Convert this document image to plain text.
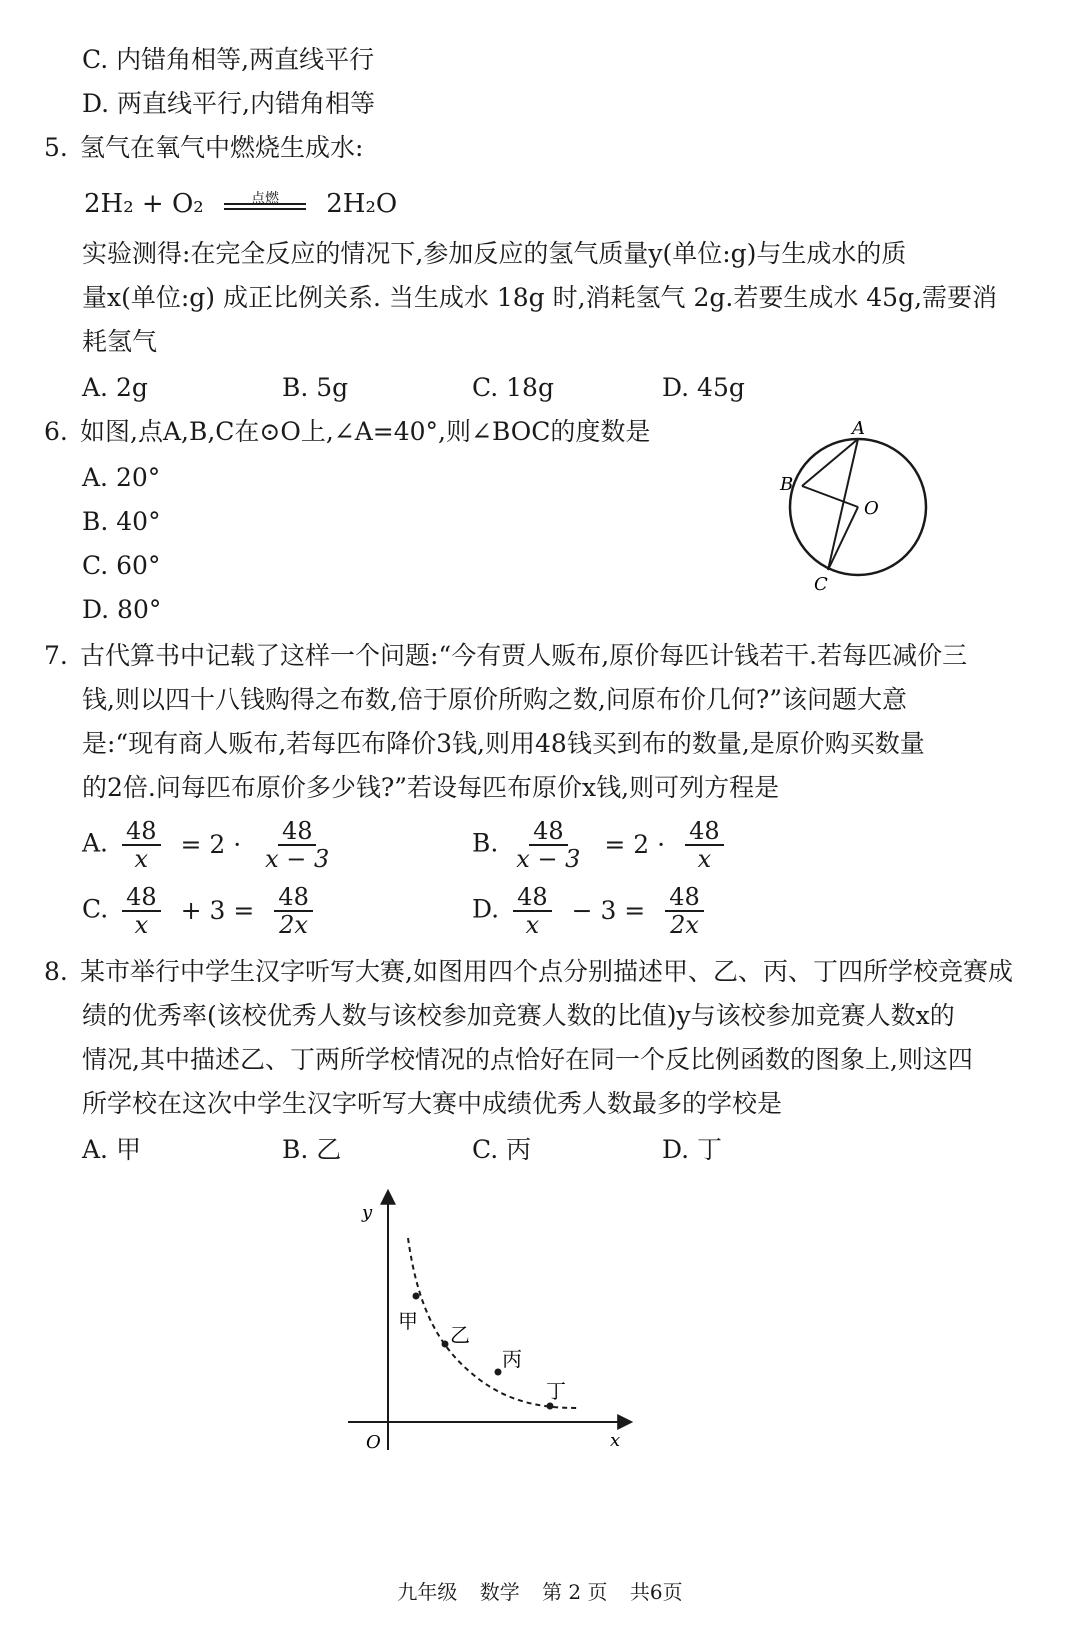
C. 内错角相等,两直线平行
D. 两直线平行,内错角相等
5. 氢气在氧气中燃烧生成水:
2H₂ + O₂	点燃	2H₂O
实验测得:在完全反应的情况下,参加反应的氢气质量y(单位:g)与生成水的质
量x(单位:g) 成正比例关系. 当生成水 18g 时,消耗氢气 2g.若要生成水 45g,需要消
耗氢气
A. 2g	B. 5g	C. 18g	D. 45g
6. 如图,点A,B,C在⊙O上,∠A=40°,则∠BOC的度数是
A. 20°
B. 40°
C. 60°
D. 80°
A
B
C
O
7. 古代算书中记载了这样一个问题:“今有贾人贩布,原价每匹计钱若干.若每匹减价三
钱,则以四十八钱购得之布数,倍于原价所购之数,问原布价几何?”该问题大意
是:“现有商人贩布,若每匹布降价3钱,则用48钱买到布的数量,是原价购买数量
的2倍.问每匹布原价多少钱?”若设每匹布原价x钱,则可列方程是
A. $\frac{48}{x} = 2 \cdot \frac{48}{x - 3}$	B. $\frac{48}{x - 3} = 2 \cdot \frac{48}{x}$
C. $\frac{48}{x} + 3 = \frac{48}{2x}$	D. $\frac{48}{x} - 3 = \frac{48}{2x}$
8. 某市举行中学生汉字听写大赛,如图用四个点分别描述甲、乙、丙、丁四所学校竞赛成
绩的优秀率(该校优秀人数与该校参加竞赛人数的比值)y与该校参加竞赛人数x的
情况,其中描述乙、丁两所学校情况的点恰好在同一个反比例函数的图象上,则这四
所学校在这次中学生汉字听写大赛中成绩优秀人数最多的学校是
A. 甲	B. 乙	C. 丙	D. 丁
y
x
O
甲
乙
丙
丁
九年级 数学 第 2 页 共6页
